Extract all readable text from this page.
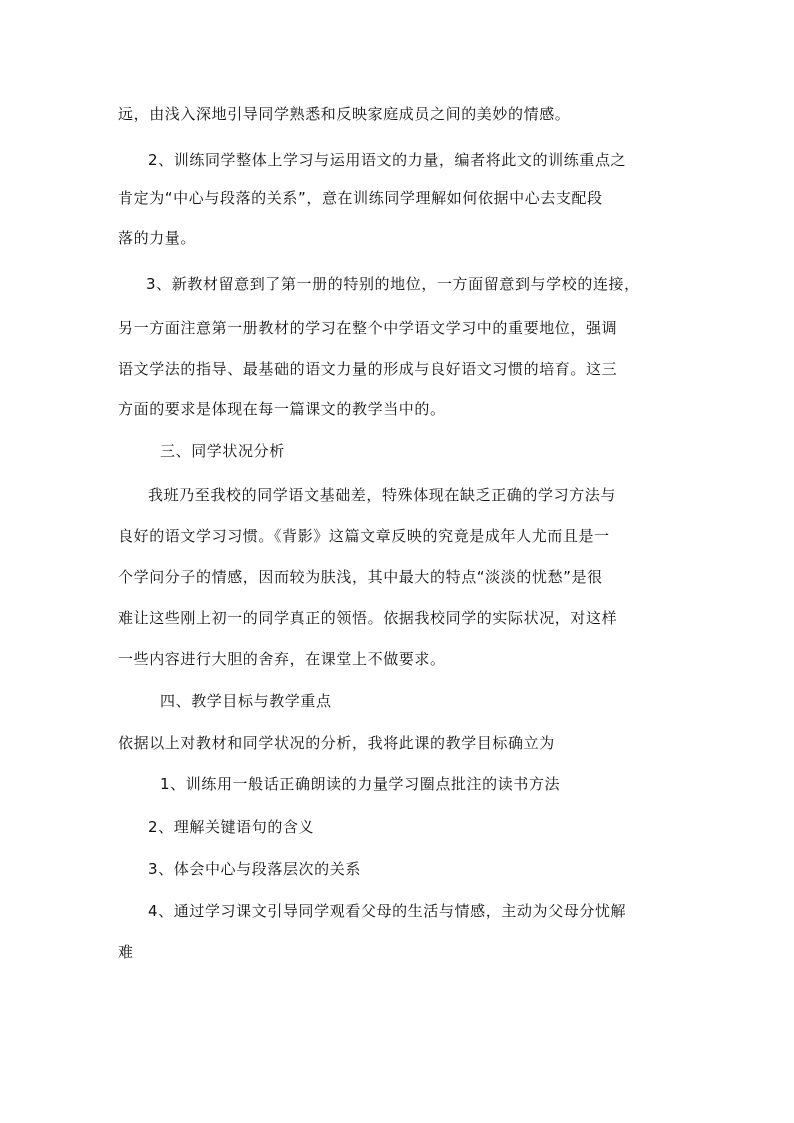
远，由浅入深地引导同学熟悉和反映家庭成员之间的美妙的情感。
2、训练同学整体上学习与运用语文的力量，编者将此文的训练重点之
肯定为“中心与段落的关系”，意在训练同学理解如何依据中心去支配段
落的力量。
3、新教材留意到了第一册的特别的地位，一方面留意到与学校的连接，
另一方面注意第一册教材的学习在整个中学语文学习中的重要地位，强调
语文学法的指导、最基础的语文力量的形成与良好语文习惯的培育。这三
方面的要求是体现在每一篇课文的教学当中的。
三、同学状况分析
我班乃至我校的同学语文基础差，特殊体现在缺乏正确的学习方法与
良好的语文学习习惯。《背影》这篇文章反映的究竟是成年人尤而且是一
个学问分子的情感，因而较为肤浅，其中最大的特点“淡淡的忧愁”是很
难让这些刚上初一的同学真正的领悟。依据我校同学的实际状况，对这样
一些内容进行大胆的舍弃，在课堂上不做要求。
四、教学目标与教学重点
依据以上对教材和同学状况的分析，我将此课的教学目标确立为
1、训练用一般话正确朗读的力量学习圈点批注的读书方法
2、理解关键语句的含义
3、体会中心与段落层次的关系
4、通过学习课文引导同学观看父母的生活与情感，主动为父母分忧解
难
